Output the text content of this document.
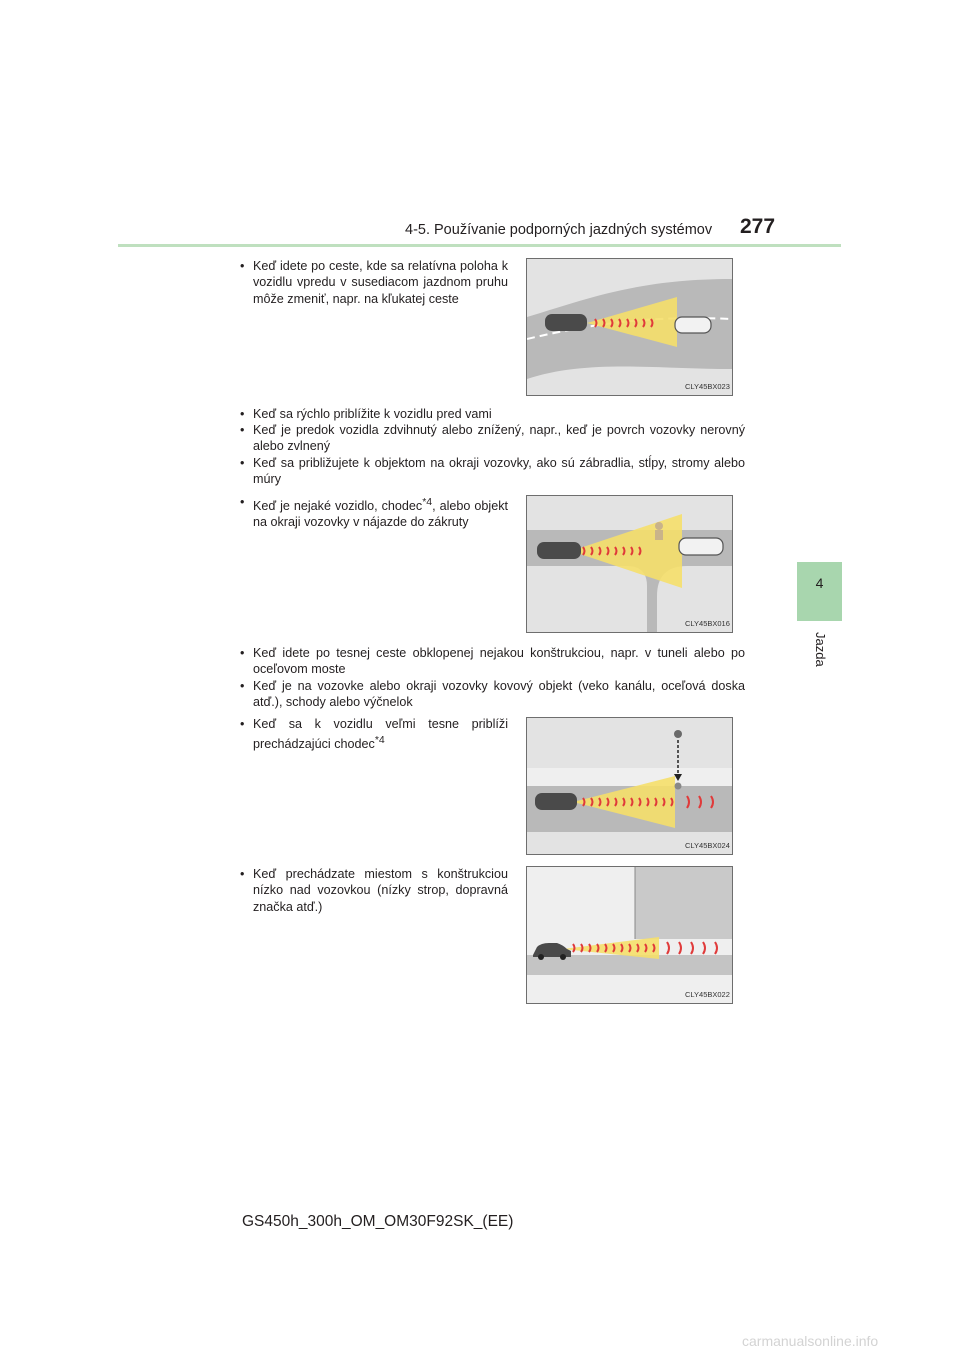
4-5. Používanie podporných jazdných systémov 277
4
Jazda
• Keď idete po ceste, kde sa relatívna poloha k vozidlu vpredu v susediacom jazdnom pruhu môže zmeniť, napr. na kľukatej ceste
CLY45BX023
• Keď sa rýchlo priblížite k vozidlu pred vami
• Keď je predok vozidla zdvihnutý alebo znížený, napr., keď je povrch vozovky nerovný alebo zvlnený
• Keď sa približujete k objektom na okraji vozovky, ako sú zábradlia, stĺpy, stromy alebo múry
• Keď je nejaké vozidlo, chodec$^{*4}$, alebo objekt na okraji vozovky v nájazde do zákruty
CLY45BX016
• Keď idete po tesnej ceste obklopenej nejakou konštrukciou, napr. v tuneli alebo po oceľovom moste
• Keď je na vozovke alebo okraji vozovky kovový objekt (veko kanálu, oceľová doska atď.), schody alebo výčnelok
• Keď sa k vozidlu veľmi tesne priblíži prechádzajúci chodec$^{*4}$
CLY45BX024
• Keď prechádzate miestom s konštrukciou nízko nad vozovkou (nízky strop, dopravná značka atď.)
CLY45BX022
GS450h_300h_OM_OM30F92SK_(EE)
carmanualsonline.info
